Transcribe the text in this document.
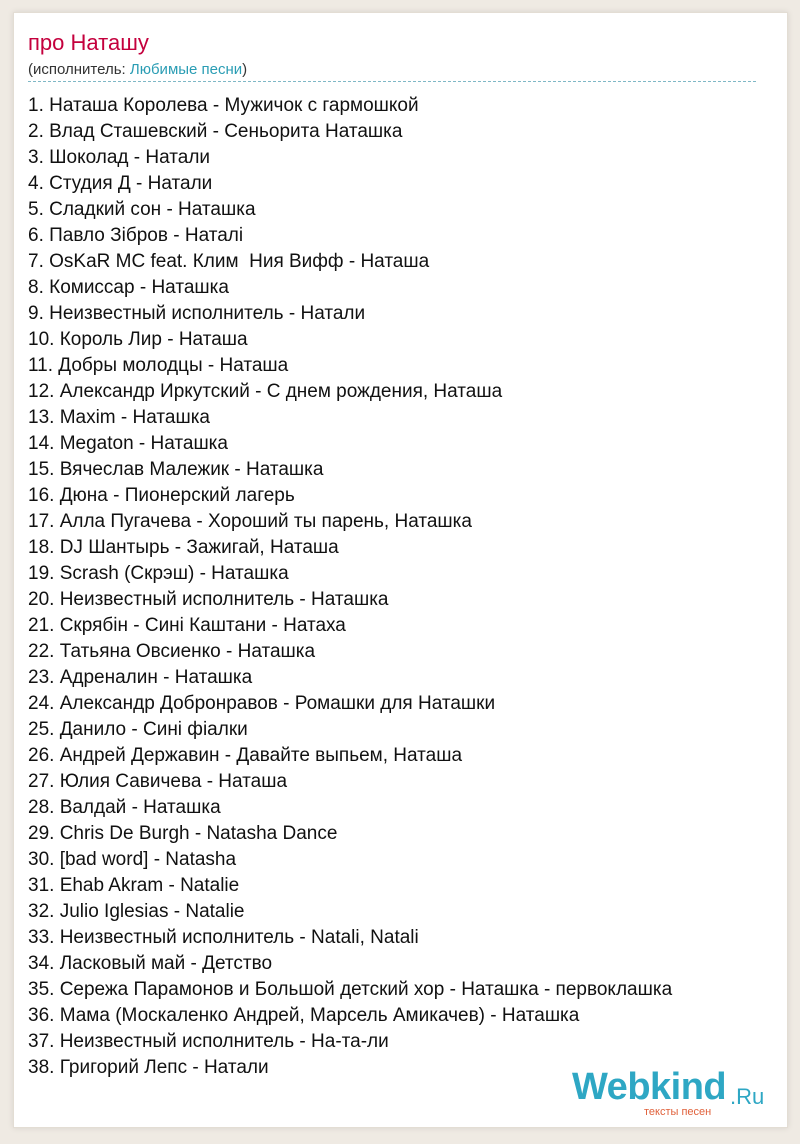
про Наташу
(исполнитель: Любимые песни)
1. Наташа Королева - Мужичок с гармошкой
2. Влад Сташевский - Сеньорита Наташка
3. Шоколад - Натали
4. Студия Д - Натали
5. Сладкий сон - Наташка
6. Павло Зібров - Наталі
7. OsKaR MC feat. Клим  Ния Вифф - Наташа
8. Комиссар - Наташка
9. Неизвестный исполнитель - Натали
10. Король Лир - Наташа
11. Добры молодцы - Наташа
12. Александр Иркутский - С днем рождения, Наташа
13. Maxim - Наташка
14. Megaton - Наташка
15. Вячеслав Малежик - Наташка
16. Дюна - Пионерский лагерь
17. Алла Пугачева - Хороший ты парень, Наташка
18. DJ Шантырь - Зажигай, Наташа
19. Scrash (Скрэш) - Наташка
20. Неизвестный исполнитель - Наташка
21. Скрябін - Сині Каштани - Натаха
22. Татьяна Овсиенко - Наташка
23. Адреналин - Наташка
24. Александр Добронравов - Ромашки для Наташки
25. Данило - Сині фіалки
26. Андрей Державин - Давайте выпьем, Наташа
27. Юлия Савичева - Наташа
28. Валдай - Наташка
29. Chris De Burgh - Natasha Dance
30. [bad word] - Natasha
31. Ehab Akram - Natalie
32. Julio Iglesias - Natalie
33. Неизвестный исполнитель - Natali, Natali
34. Ласковый май - Детство
35. Сережа Парамонов и Большой детский хор - Наташка - первоклашка
36. Мама (Москаленко Андрей, Марсель Амикачев) - Наташка
37. Неизвестный исполнитель - На-та-ли
38. Григорий Лепс - Натали	Webkind .Ru
тексты песен
